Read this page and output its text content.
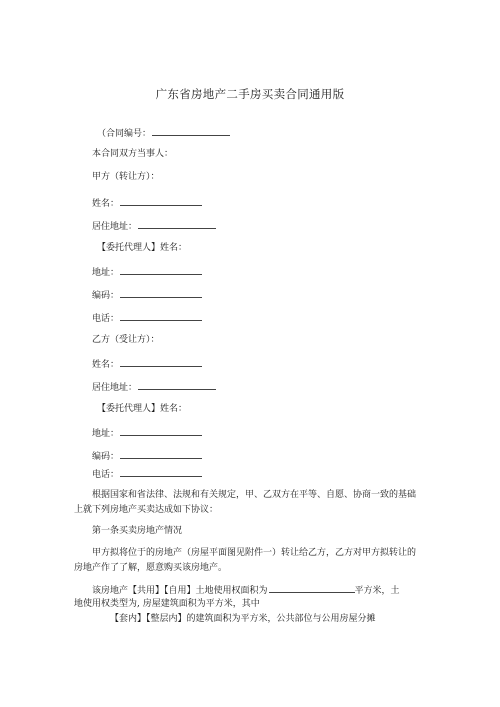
广东省房地产二手房买卖合同通用版
（合同编号：
本合同双方当事人：
甲方（转让方）：
姓名：
居住地址：
【委托代理人】姓名：
地址：
编码：
电话：
乙方（受让方）：
姓名：
居住地址：
【委托代理人】姓名：
地址：
编码：
电话：
根据国家和省法律、法规和有关规定，甲、乙双方在平等、自愿、协商一致的基础上就下列房地产买卖达成如下协议：
第一条买卖房地产情况
甲方拟将位于的房地产（房屋平面图见附件一）转让给乙方，乙方对甲方拟转让的房地产作了了解，愿意购买该房地产。
该房地产【共用】【自用】土地使用权面积为	平方米，土
地使用权类型为, 房屋建筑面积为平方米，其中
【套内】【整层内】的建筑面积为平方米，公共部位与公用房屋分摊
